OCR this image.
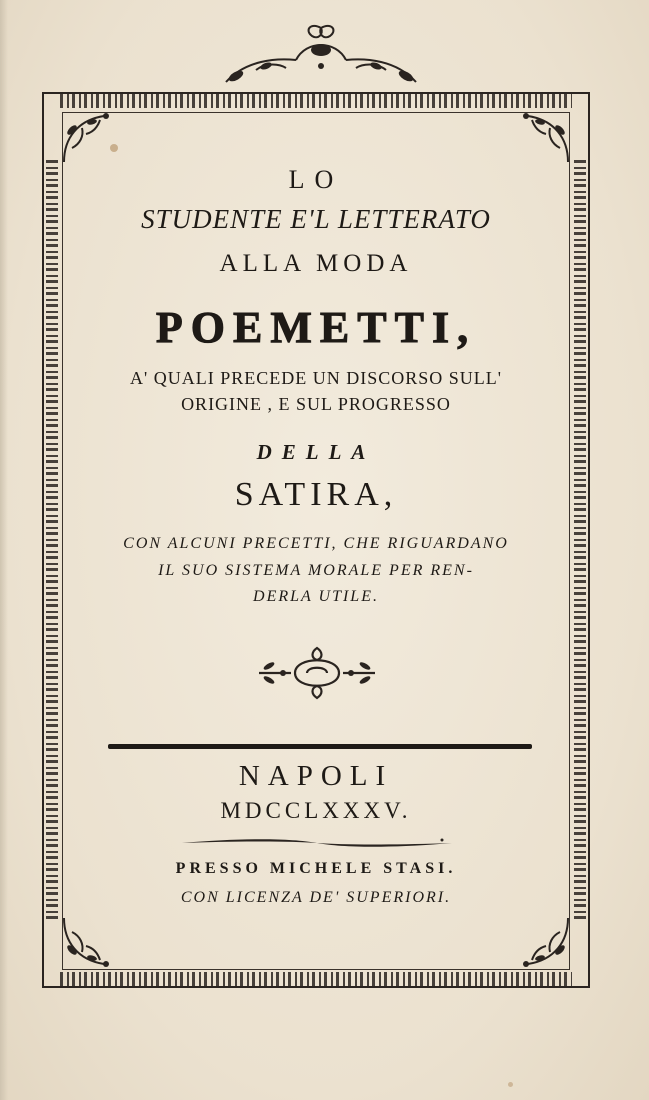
LO
STUDENTE E'L LETTERATO
ALLA MODA
POEMETTI,
A' QUALI PRECEDE UN DISCORSO SULL'
ORIGINE , E SUL PROGRESSO
DELLA
SATIRA,
CON ALCUNI PRECETTI, CHE RIGUARDANO
IL SUO SISTEMA MORALE PER REN-
DERLA UTILE.
NAPOLI
MDCCLXXXV.
PRESSO MICHELE STASI.
CON LICENZA DE' SUPERIORI.
